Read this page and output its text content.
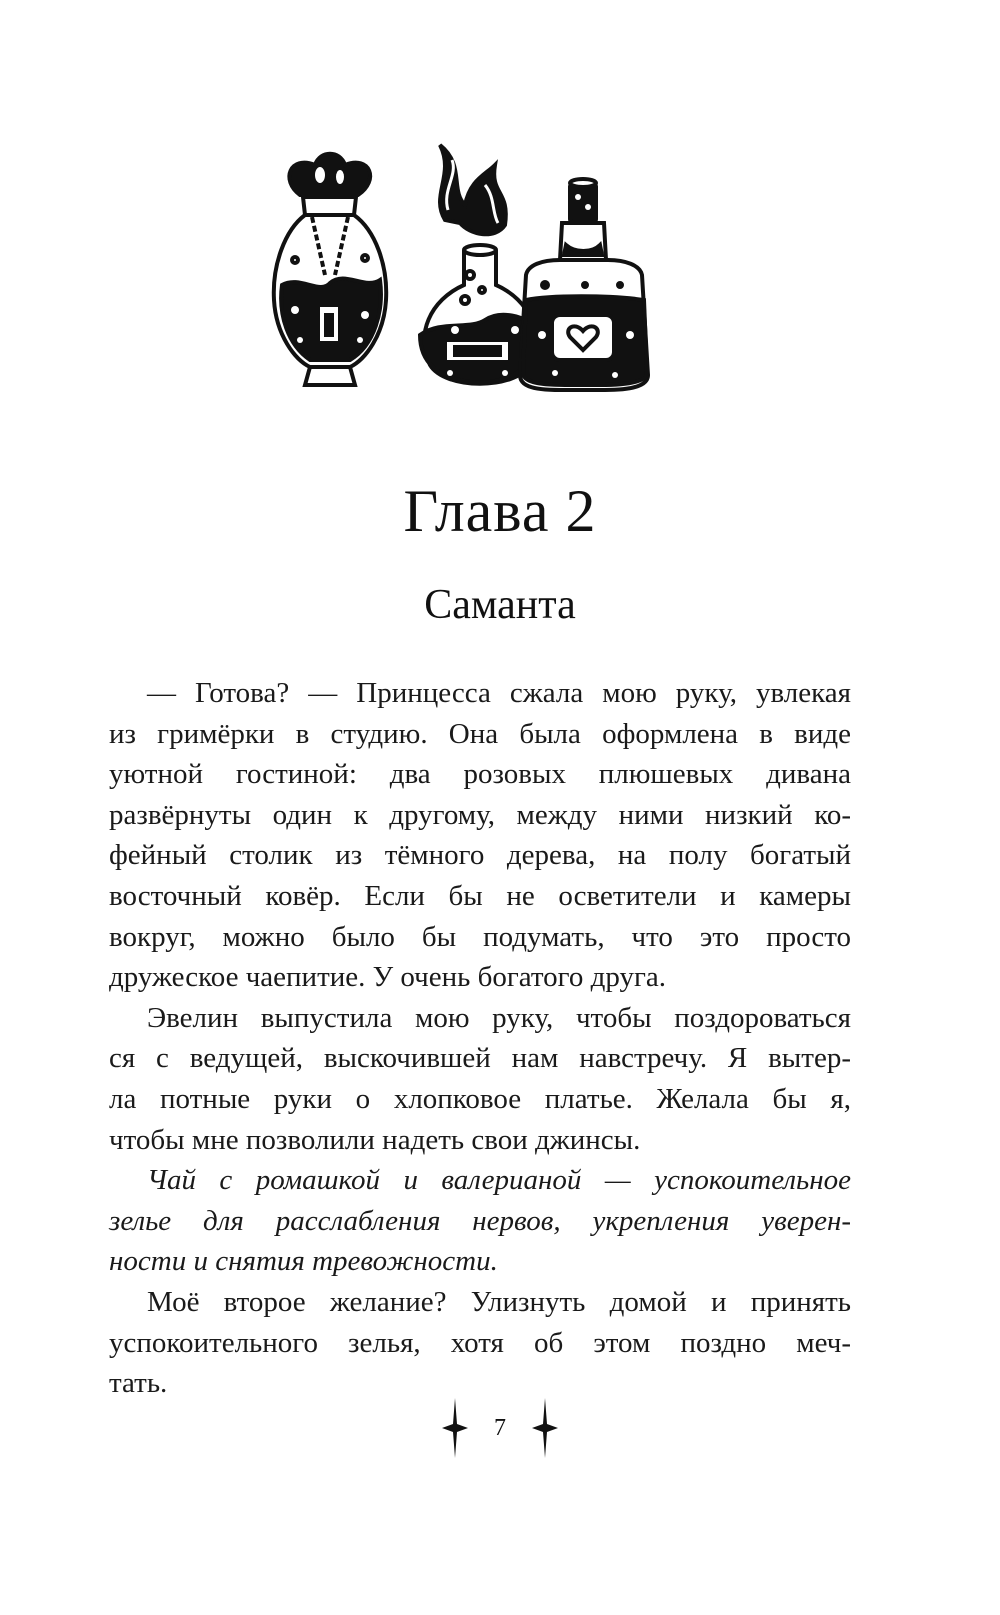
Глава 2
Саманта

— Готова? — Принцесса сжала мою руку, увлекая
из гримёрки в студию. Она была оформлена в виде
уютной гостиной: два розовых плюшевых дивана
развёрнуты один к другому, между ними низкий ко-
фейный столик из тёмного дерева, на полу богатый
восточный ковёр. Если бы не осветители и камеры
вокруг, можно было бы подумать, что это просто
дружеское чаепитие. У очень богатого друга.

Эвелин выпустила мою руку, чтобы поздороватьcя
ся с ведущей, выскочившей нам навстречу. Я вытер-
ла потные руки о хлопковое платье. Желала бы я,
чтобы мне позволили надеть свои джинсы.

Чай с ромашкой и валерианой — успокоительное
зелье для расслабления нервов, укрепления уверен-
ности и снятия тревожности.

Моё второе желание? Улизнуть домой и принять
успокоительного зелья, хотя об этом поздно меч-
тать.

7
